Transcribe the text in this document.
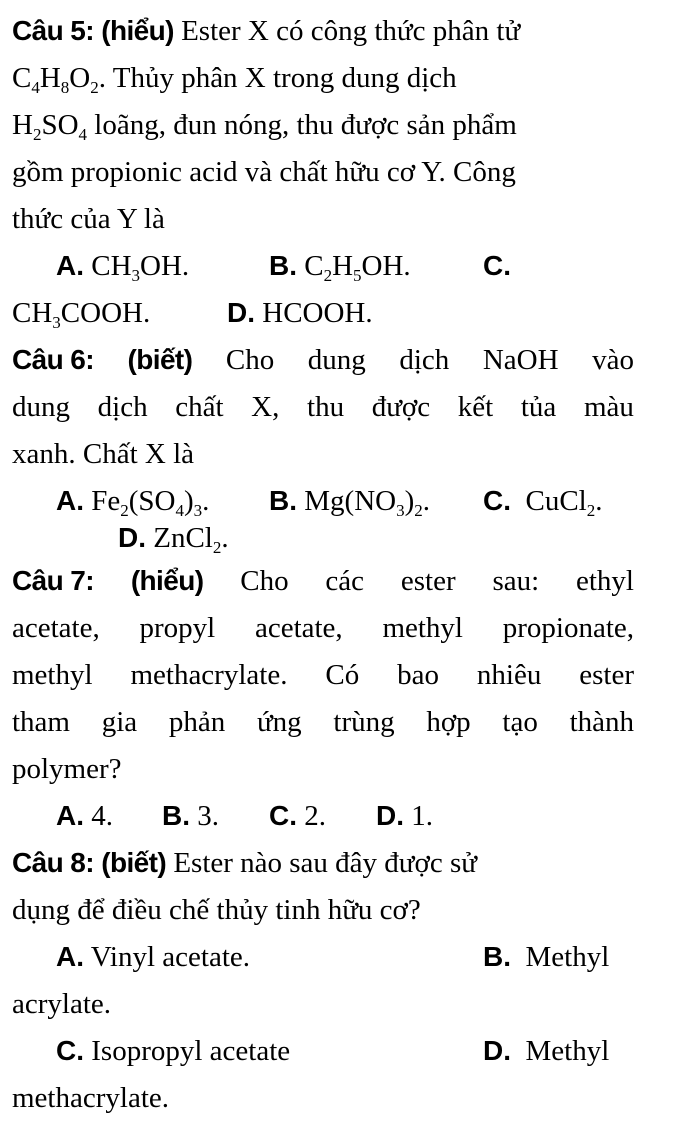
Câu 5: (hiểu) Ester X có công thức phân tử
$C_4H_8O_2$. Thủy phân X trong dung dịch
$H_2SO_4$ loãng, đun nóng, thu được sản phẩm
gồm propionic acid và chất hữu cơ Y. Công
thức của Y là
A. $CH_3OH$.	B. $C_2H_5OH$.	C.
$CH_3COOH$.	D. HCOOH.
Câu 6: (biết) Cho dung dịch NaOH vào
dung dịch chất X, thu được kết tủa màu
xanh. Chất X là
A. $Fe_2(SO_4)_3$. B. $Mg(NO_3)_2$. C. CuCl$_2$.
D. ZnCl$_2$.
Câu 7: (hiểu) Cho các ester sau: ethyl
acetate, propyl acetate, methyl propionate,
methyl methacrylate. Có bao nhiêu ester
tham gia phản ứng trùng hợp tạo thành
polymer?
A. 4. B. 3. C. 2. D. 1.
Câu 8: (biết) Ester nào sau đây được sử
dụng để điều chế thủy tinh hữu cơ?
A. Vinyl acetate.	B. Methyl
acrylate.
C. Isopropyl acetate	D. Methyl
methacrylate.
